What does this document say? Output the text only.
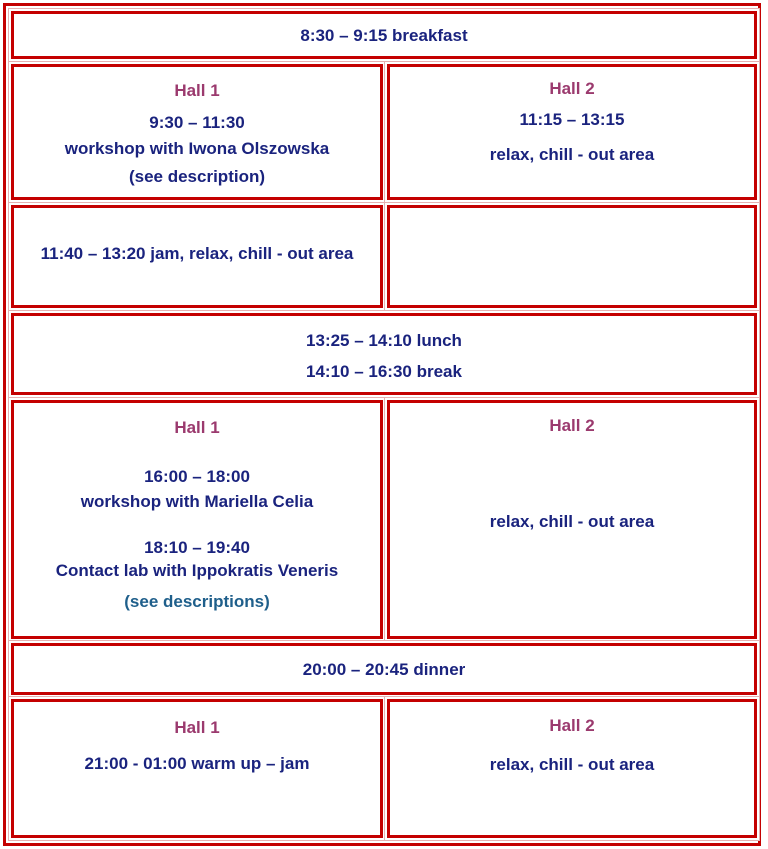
8:30 – 9:15 breakfast
Hall 1
9:30 – 11:30
workshop with Iwona Olszowska
(see description)
Hall 2
11:15 – 13:15
relax, chill - out area
11:40 – 13:20 jam, relax, chill - out area
13:25 – 14:10 lunch
14:10 – 16:30 break
Hall 1
16:00 – 18:00
workshop with Mariella Celia
18:10 – 19:40
Contact lab with Ippokratis Veneris
(see descriptions)
Hall 2
relax, chill - out area
20:00 – 20:45 dinner
Hall 1
21:00 - 01:00 warm up – jam
Hall 2
relax, chill - out area
